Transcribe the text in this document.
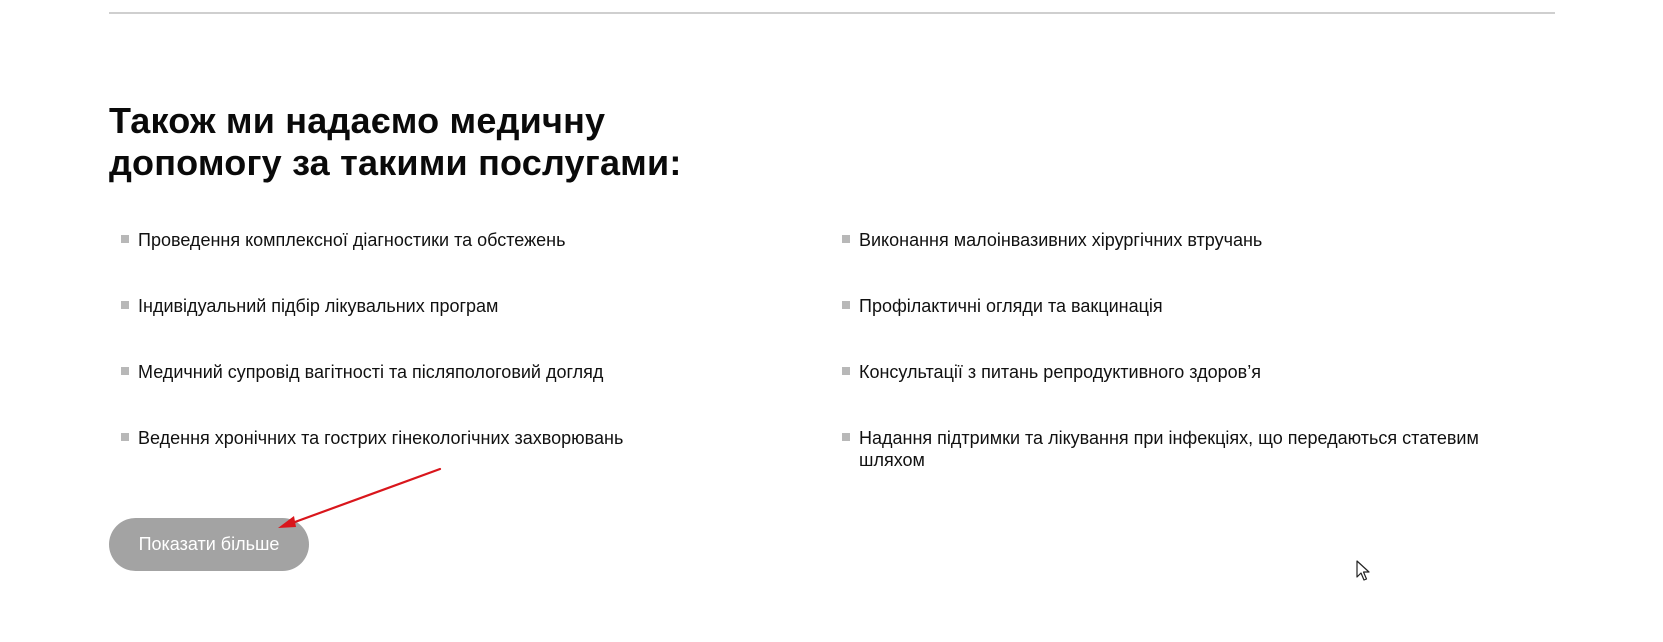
Також ми надаємо медичну
допомогу за такими послугами:
Проведення комплексної діагностики та обстежень
Індивідуальний підбір лікувальних програм
Медичний супровід вагітності та післяпологовий догляд
Ведення хронічних та гострих гінекологічних захворювань
Виконання малоінвазивних хірургічних втручань
Профілактичні огляди та вакцинація
Консультації з питань репродуктивного здоров’я
Надання підтримки та лікування при інфекціях, що передаються статевим шляхом
Показати більше
